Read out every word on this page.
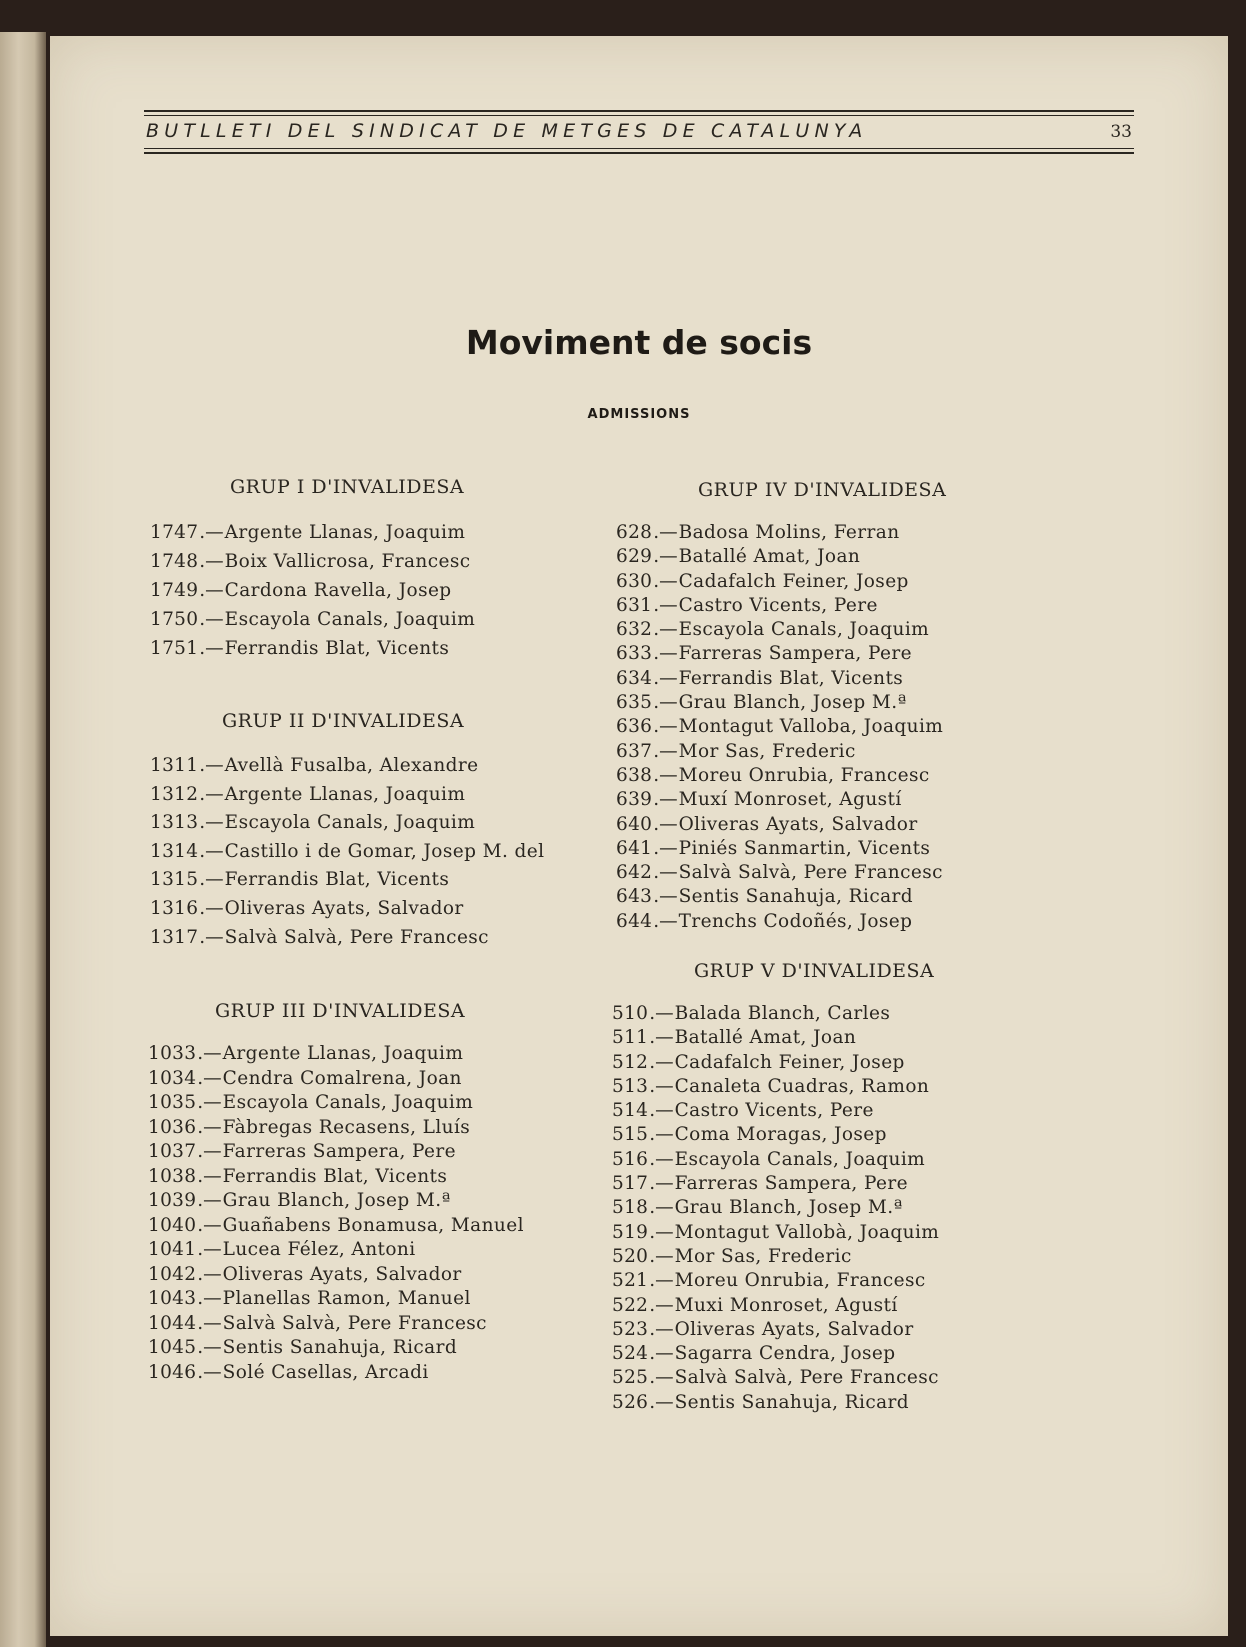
BUTLLETI DEL SINDICAT DE METGES DE CATALUNYA	33
Moviment de socis
ADMISSIONS
GRUP I D'INVALIDESA
1747.—Argente Llanas, Joaquim
1748.—Boix Vallicrosa, Francesc
1749.—Cardona Ravella, Josep
1750.—Escayola Canals, Joaquim
1751.—Ferrandis Blat, Vicents
GRUP II D'INVALIDESA
1311.—Avellà Fusalba, Alexandre
1312.—Argente Llanas, Joaquim
1313.—Escayola Canals, Joaquim
1314.—Castillo i de Gomar, Josep M. del
1315.—Ferrandis Blat, Vicents
1316.—Oliveras Ayats, Salvador
1317.—Salvà Salvà, Pere Francesc
GRUP III D'INVALIDESA
1033.—Argente Llanas, Joaquim
1034.—Cendra Comalrena, Joan
1035.—Escayola Canals, Joaquim
1036.—Fàbregas Recasens, Lluís
1037.—Farreras Sampera, Pere
1038.—Ferrandis Blat, Vicents
1039.—Grau Blanch, Josep M.ª
1040.—Guañabens Bonamusa, Manuel
1041.—Lucea Félez, Antoni
1042.—Oliveras Ayats, Salvador
1043.—Planellas Ramon, Manuel
1044.—Salvà Salvà, Pere Francesc
1045.—Sentis Sanahuja, Ricard
1046.—Solé Casellas, Arcadi
GRUP IV D'INVALIDESA
628.—Badosa Molins, Ferran
629.—Batallé Amat, Joan
630.—Cadafalch Feiner, Josep
631.—Castro Vicents, Pere
632.—Escayola Canals, Joaquim
633.—Farreras Sampera, Pere
634.—Ferrandis Blat, Vicents
635.—Grau Blanch, Josep M.ª
636.—Montagut Valloba, Joaquim
637.—Mor Sas, Frederic
638.—Moreu Onrubia, Francesc
639.—Muxí Monroset, Agustí
640.—Oliveras Ayats, Salvador
641.—Piniés Sanmartin, Vicents
642.—Salvà Salvà, Pere Francesc
643.—Sentis Sanahuja, Ricard
644.—Trenchs Codoñés, Josep
GRUP V D'INVALIDESA
510.—Balada Blanch, Carles
511.—Batallé Amat, Joan
512.—Cadafalch Feiner, Josep
513.—Canaleta Cuadras, Ramon
514.—Castro Vicents, Pere
515.—Coma Moragas, Josep
516.—Escayola Canals, Joaquim
517.—Farreras Sampera, Pere
518.—Grau Blanch, Josep M.ª
519.—Montagut Vallobà, Joaquim
520.—Mor Sas, Frederic
521.—Moreu Onrubia, Francesc
522.—Muxi Monroset, Agustí
523.—Oliveras Ayats, Salvador
524.—Sagarra Cendra, Josep
525.—Salvà Salvà, Pere Francesc
526.—Sentis Sanahuja, Ricard
